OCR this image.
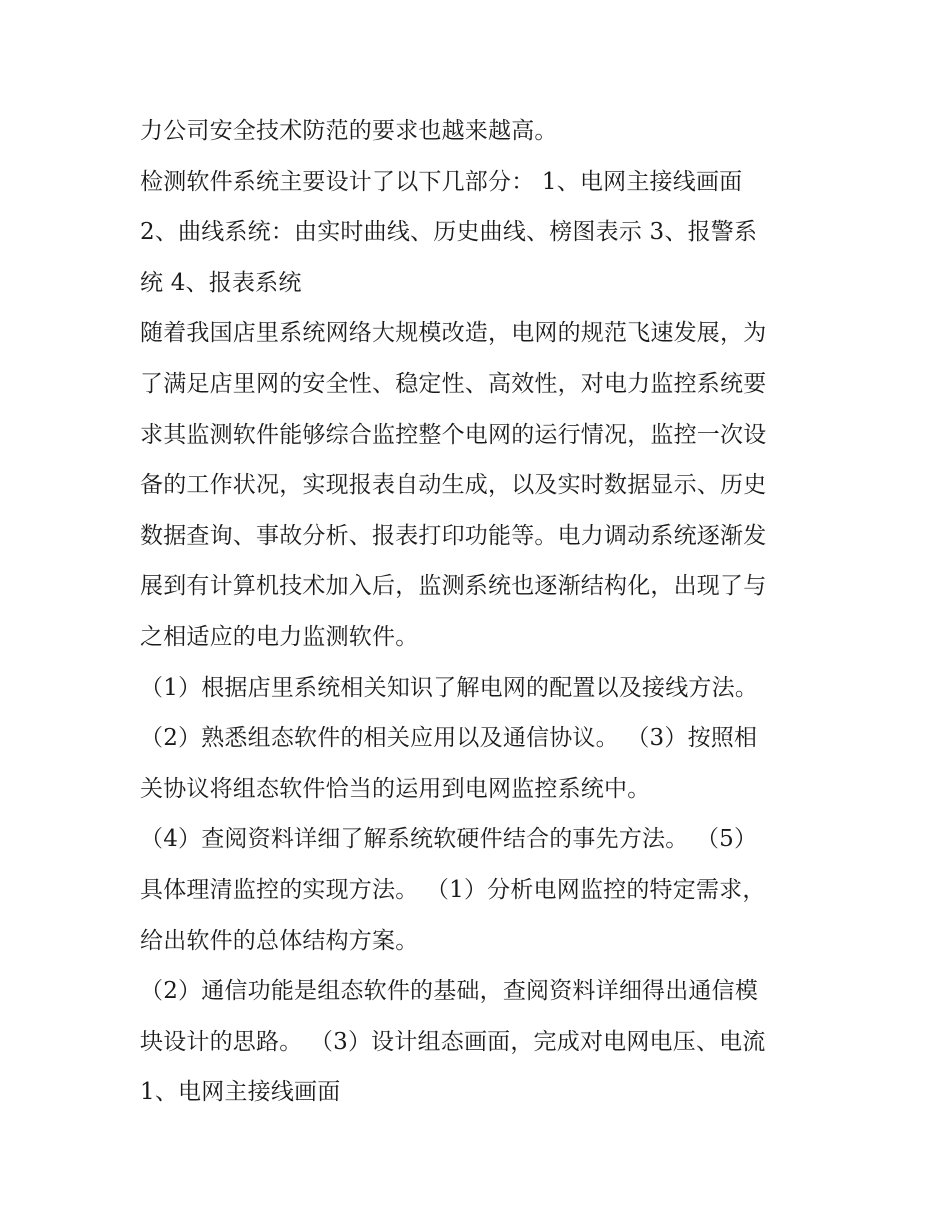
力公司安全技术防范的要求也越来越高。
检测软件系统主要设计了以下几部分： 1、电网主接线画面
2、曲线系统：由实时曲线、历史曲线、榜图表示 3、报警系
统 4、报表系统
随着我国店里系统网络大规模改造，电网的规范飞速发展，为
了满足店里网的安全性、稳定性、高效性，对电力监控系统要
求其监测软件能够综合监控整个电网的运行情况，监控一次设
备的工作状况，实现报表自动生成，以及实时数据显示、历史
数据查询、事故分析、报表打印功能等。电力调动系统逐渐发
展到有计算机技术加入后，监测系统也逐渐结构化，出现了与
之相适应的电力监测软件。
（1）根据店里系统相关知识了解电网的配置以及接线方法。
（2）熟悉组态软件的相关应用以及通信协议。 （3）按照相
关协议将组态软件恰当的运用到电网监控系统中。
（4）查阅资料详细了解系统软硬件结合的事先方法。 （5）
具体理清监控的实现方法。 （1）分析电网监控的特定需求，
给出软件的总体结构方案。
（2）通信功能是组态软件的基础，查阅资料详细得出通信模
块设计的思路。 （3）设计组态画面，完成对电网电压、电流
1、电网主接线画面
